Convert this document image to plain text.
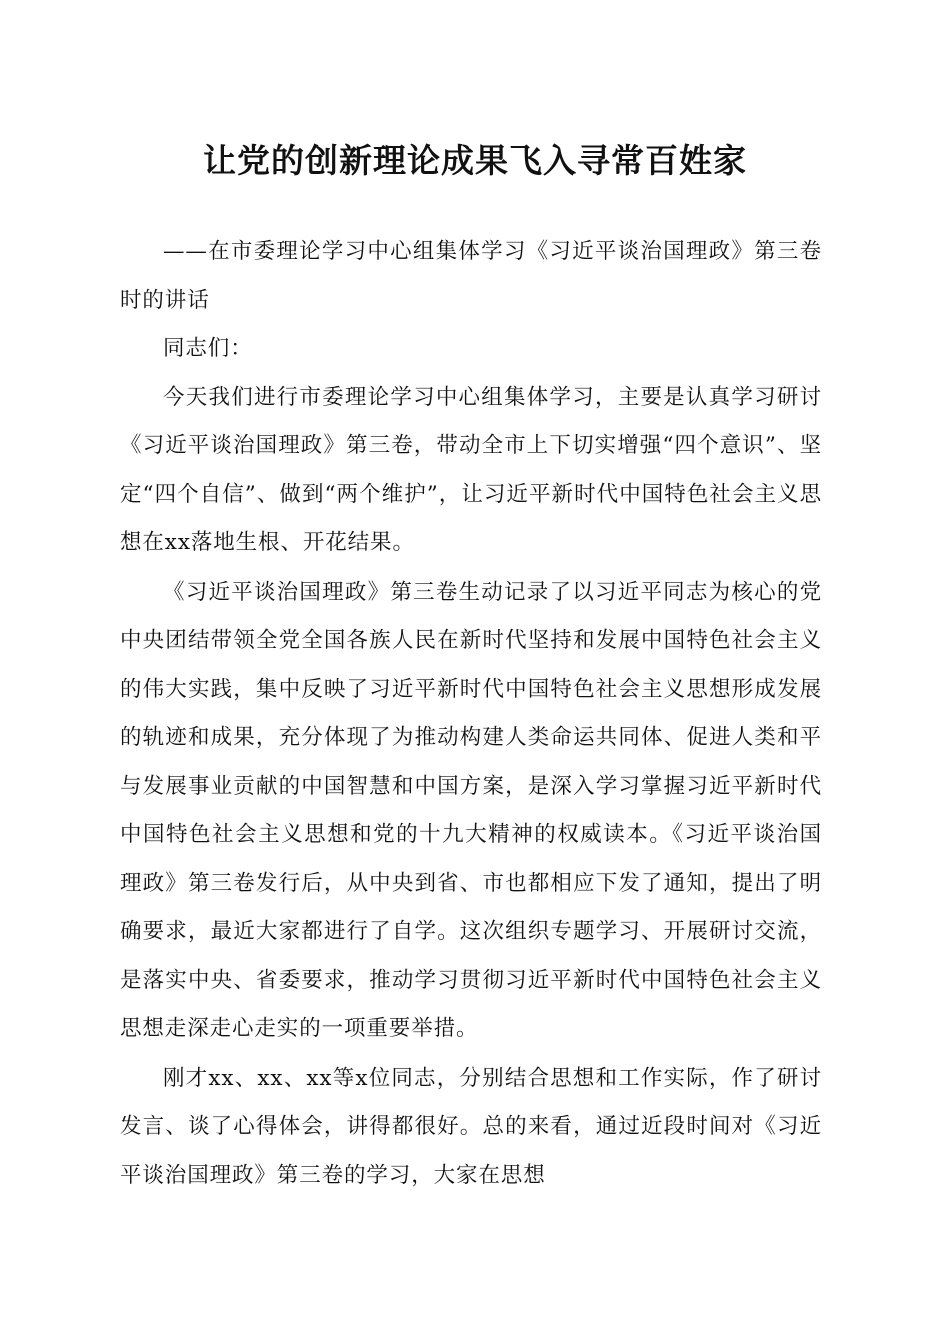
让党的创新理论成果飞入寻常百姓家

——在市委理论学习中心组集体学习《习近平谈治国理政》第三卷时的讲话

同志们：

今天我们进行市委理论学习中心组集体学习，主要是认真学习研讨《习近平谈治国理政》第三卷，带动全市上下切实增强“四个意识”、坚定“四个自信”、做到“两个维护”，让习近平新时代中国特色社会主义思想在xx落地生根、开花结果。

《习近平谈治国理政》第三卷生动记录了以习近平同志为核心的党中央团结带领全党全国各族人民在新时代坚持和发展中国特色社会主义的伟大实践，集中反映了习近平新时代中国特色社会主义思想形成发展的轨迹和成果，充分体现了为推动构建人类命运共同体、促进人类和平与发展事业贡献的中国智慧和中国方案，是深入学习掌握习近平新时代中国特色社会主义思想和党的十九大精神的权威读本。《习近平谈治国理政》第三卷发行后，从中央到省、市也都相应下发了通知，提出了明确要求，最近大家都进行了自学。这次组织专题学习、开展研讨交流，是落实中央、省委要求，推动学习贯彻习近平新时代中国特色社会主义思想走深走心走实的一项重要举措。

刚才xx、xx、xx等x位同志，分别结合思想和工作实际，作了研讨发言、谈了心得体会，讲得都很好。总的来看，通过近段时间对《习近平谈治国理政》第三卷的学习，大家在思想
